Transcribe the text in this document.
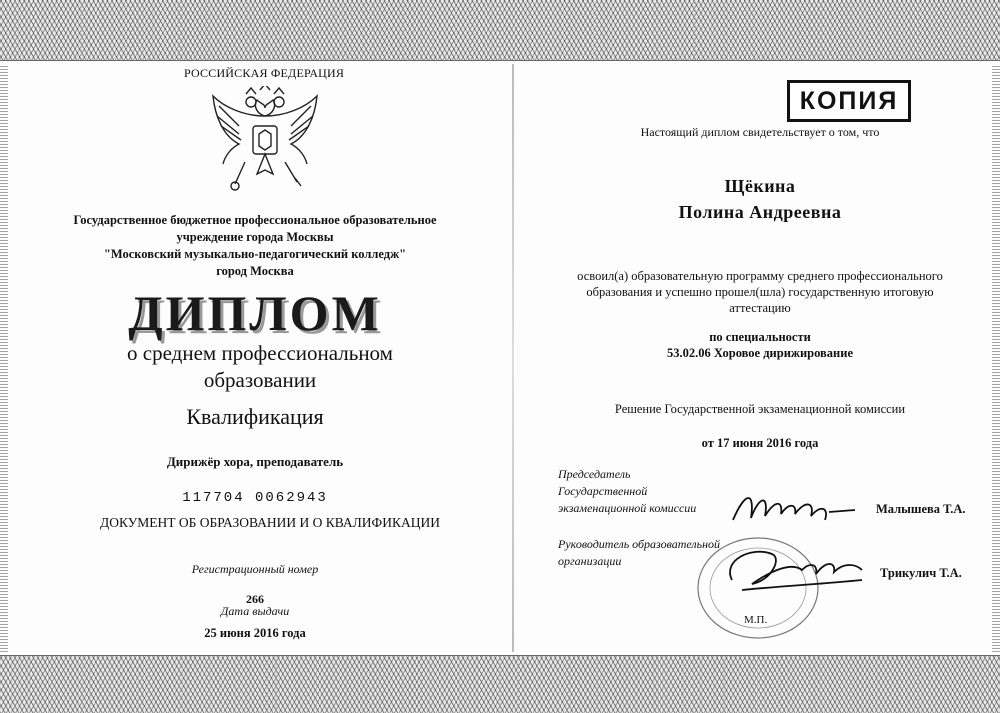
РОССИЙСКАЯ ФЕДЕРАЦИЯ
Государственное бюджетное профессиональное образовательное
учреждение города Москвы
"Московский музыкально-педагогический колледж"
город Москва
ДИПЛОМ
о среднем профессиональном
образовании
Квалификация
Дирижёр хора, преподаватель
117704 0062943
ДОКУМЕНТ ОБ ОБРАЗОВАНИИ И О КВАЛИФИКАЦИИ
Регистрационный номер
266
Дата выдачи
25 июня 2016 года
КОПИЯ
Настоящий диплом свидетельствует о том, что
Щёкина
Полина Андреевна
освоил(а) образовательную программу среднего профессионального
образования и успешно прошел(шла) государственную итоговую
аттестацию
по специальности
53.02.06 Хоровое дирижирование
Решение Государственной экзаменационной комиссии
от 17 июня 2016 года
Председатель
Государственной
экзаменационной комиссии	Малышева Т.А.
Руководитель образовательной
организации
Трикулич Т.А.
М.П.
